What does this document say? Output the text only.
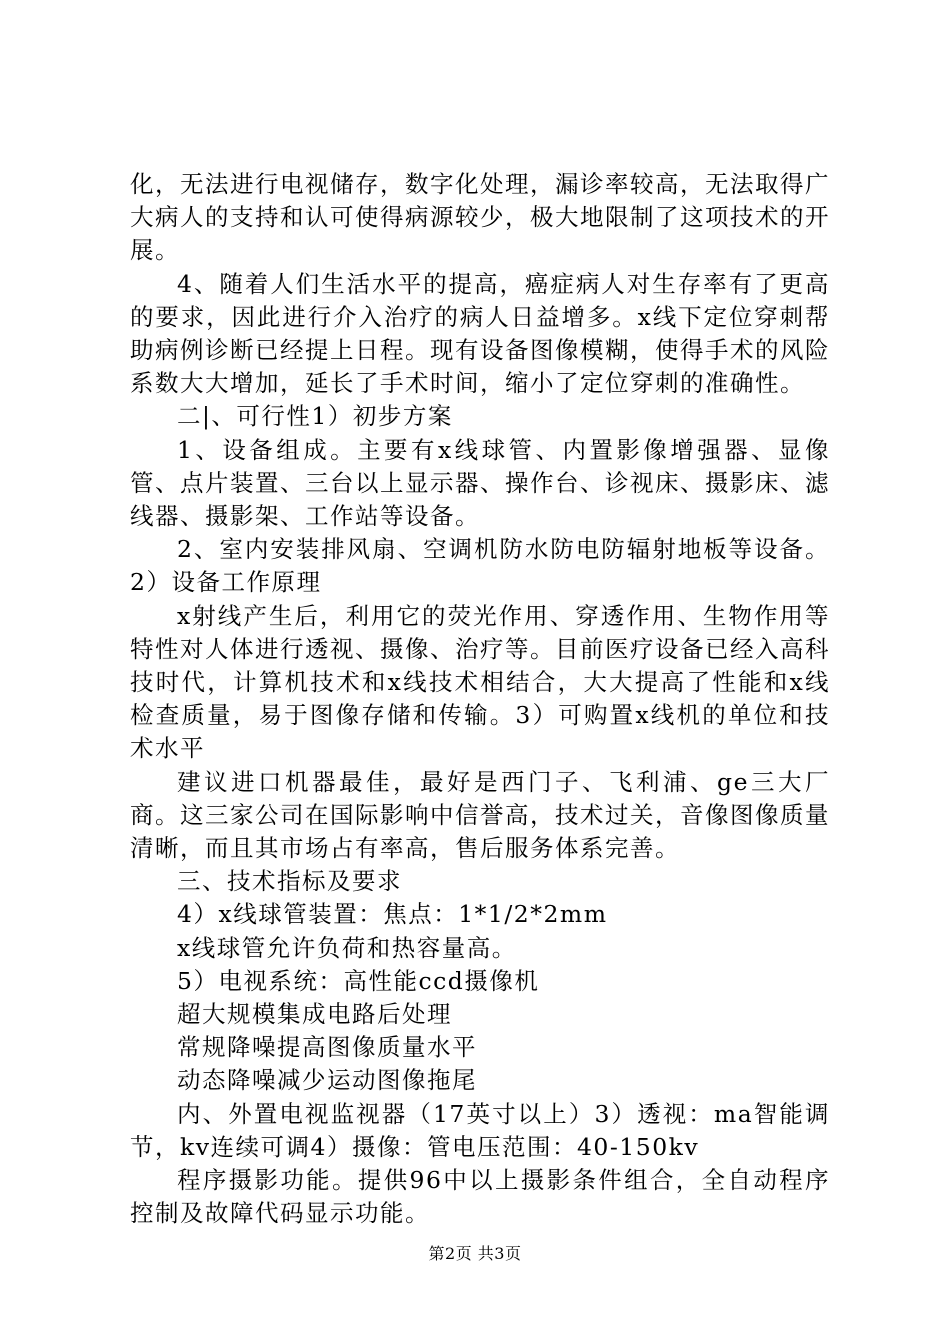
化，无法进行电视储存，数字化处理，漏诊率较高，无法取得广大病人的支持和认可使得病源较少，极大地限制了这项技术的开展。

4、随着人们生活水平的提高，癌症病人对生存率有了更高的要求，因此进行介入治疗的病人日益增多。x线下定位穿刺帮助病例诊断已经提上日程。现有设备图像模糊，使得手术的风险系数大大增加，延长了手术时间，缩小了定位穿刺的准确性。

二|、可行性1）初步方案

1、设备组成。主要有x线球管、内置影像增强器、显像管、点片装置、三台以上显示器、操作台、诊视床、摄影床、滤线器、摄影架、工作站等设备。

2、室内安装排风扇、空调机防水防电防辐射地板等设备。2）设备工作原理

x射线产生后，利用它的荧光作用、穿透作用、生物作用等特性对人体进行透视、摄像、治疗等。目前医疗设备已经入高科技时代，计算机技术和x线技术相结合，大大提高了性能和x线检查质量，易于图像存储和传输。3）可购置x线机的单位和技术水平

建议进口机器最佳，最好是西门子、飞利浦、ge三大厂商。这三家公司在国际影响中信誉高，技术过关，音像图像质量清晰，而且其市场占有率高，售后服务体系完善。

三、技术指标及要求

4）x线球管装置：焦点：1*1/2*2mm

x线球管允许负荷和热容量高。

5）电视系统：高性能ccd摄像机

超大规模集成电路后处理

常规降噪提高图像质量水平

动态降噪减少运动图像拖尾

内、外置电视监视器（17英寸以上）3）透视：ma智能调节，kv连续可调4）摄像：管电压范围：40-150kv

程序摄影功能。提供96中以上摄影条件组合，全自动程序控制及故障代码显示功能。

第2页 共3页
